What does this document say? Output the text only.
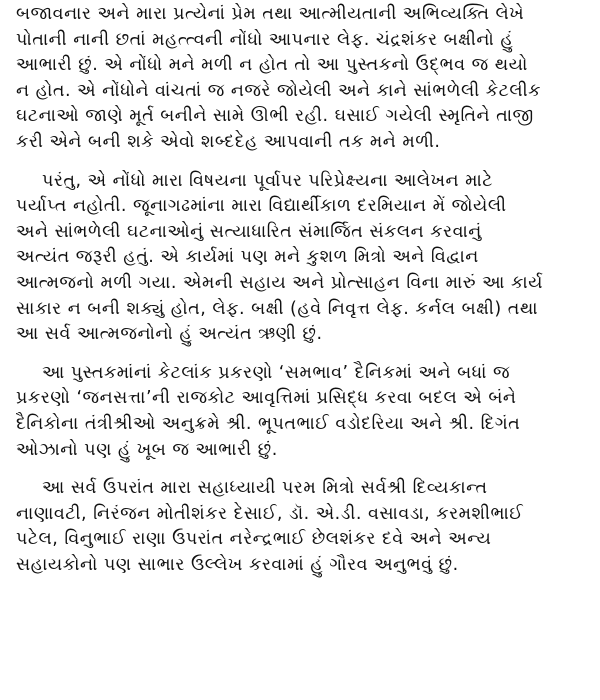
બજાવનાર અને મારા પ્રત્યેનાં પ્રેમ તથા આત્મીયતાની અભિવ્યક્તિ લેખે
પોતાની નાની છતાં મહત્ત્વની નોંધો આપનાર લેફ. ચંદ્રશંકર બક્ષીનો હું
આભારી છું. એ નોંધો મને મળી ન હોત તો આ પુસ્તકનો ઉદ્ભવ જ થયો
ન હોત. એ નોંધોને વાંચતાં જ નજરે જોયેલી અને કાને સાંભળેલી કેટલીક
ઘટનાઓ જાણે મૂર્ત બનીને સામે ઊભી રહી. ઘસાઈ ગયેલી સ્મૃતિને તાજી
કરી એને બની શકે એવો શબ્દદેહ આપવાની તક મને મળી.
પરંતુ, એ નોંધો મારા વિષયના પૂર્વાપર પરિપ્રેક્ષ્યના આલેખન માટે
પર્યાપ્ત નહોતી. જૂનાગઢમાંના મારા વિદ્યાર્થીકાળ દરમિયાન મેં જોયેલી
અને સાંભળેલી ઘટનાઓનું સત્યાધારિત સંમાર્જિત સંકલન કરવાનું
અત્યંત જરૂરી હતું. એ કાર્યમાં પણ મને કુશળ મિત્રો અને વિદ્વાન
આત્મજનો મળી ગયા. એમની સહાય અને પ્રોત્સાહન વિના મારું આ કાર્ય
સાકાર ન બની શક્યું હોત, લેફ. બક્ષી (હવે નિવૃત્ત લેફ. કર્નલ બક્ષી) તથા
આ સર્વ આત્મજનોનો હું અત્યંત ઋણી છું.
આ પુસ્તકમાંનાં કેટલાંક પ્રકરણો ‘સમભાવ’ દૈનિકમાં અને બધાં જ
પ્રકરણો ‘જનસત્તા’ની રાજકોટ આવૃત્તિમાં પ્રસિદ્ધ કરવા બદલ એ બંને
દૈનિકોના તંત્રીશ્રીઓ અનુક્રમે શ્રી. ભૂપતભાઈ વડોદરિયા અને શ્રી. દિગંત
ઓઝાનો પણ હું ખૂબ જ આભારી છું.
આ સર્વ ઉપરાંત મારા સહાધ્યાયી પરમ મિત્રો સર્વશ્રી દિવ્યકાન્ત
નાણાવટી, નિરંજન મોતીશંકર દેસાઈ, ડૉ. એ.ડી. વસાવડા, કરમશીભાઈ
પટેલ, વિનુભાઈ રાણા ઉપરાંત નરેન્દ્રભાઈ છેલશંકર દવે અને અન્ય
સહાયકોનો પણ સાભાર ઉલ્લેખ કરવામાં હું ગૌરવ અનુભવું છું.
